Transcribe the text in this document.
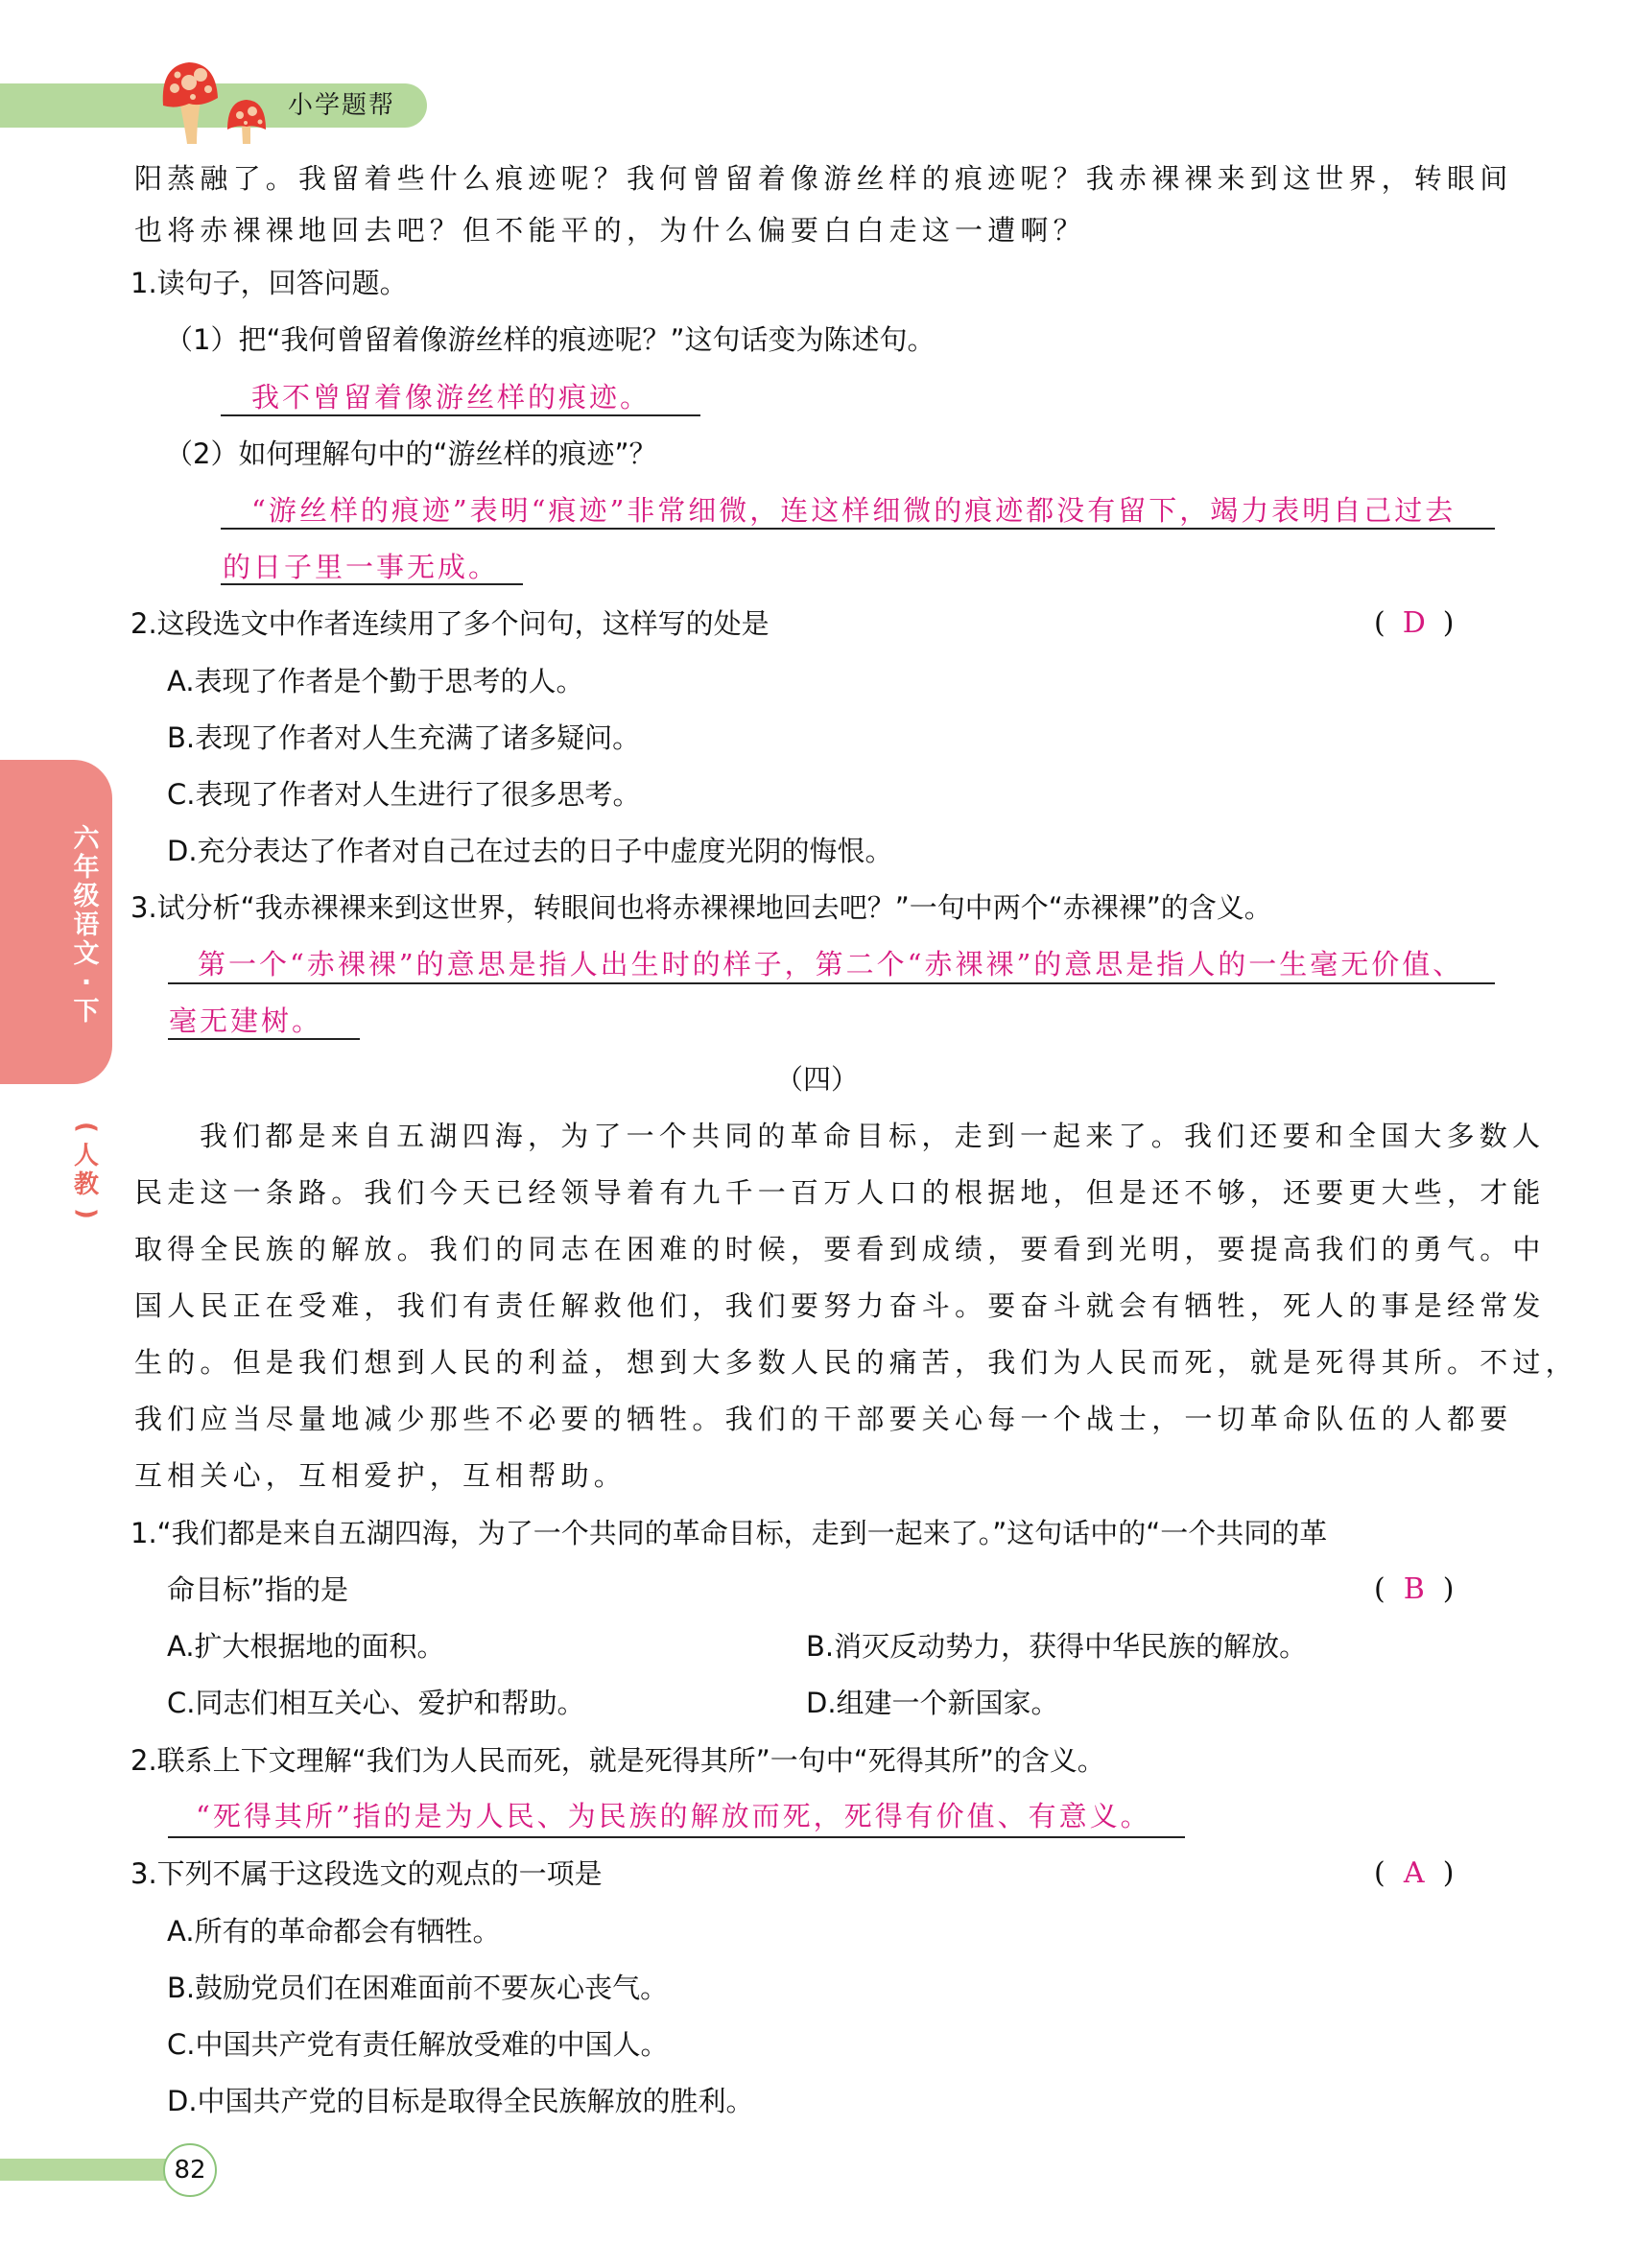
小学题帮
六
年
级
语
文
·
下
(
人
教
)
阳蒸融了。我留着些什么痕迹呢？我何曾留着像游丝样的痕迹呢？我赤裸裸来到这世界，转眼间
也将赤裸裸地回去吧？但不能平的，为什么偏要白白走这一遭啊？
1.读句子，回答问题。
（1）把“我何曾留着像游丝样的痕迹呢？”这句话变为陈述句。
我不曾留着像游丝样的痕迹。
（2）如何理解句中的“游丝样的痕迹”？
“游丝样的痕迹”表明“痕迹”非常细微，连这样细微的痕迹都没有留下，竭力表明自己过去
的日子里一事无成。
2.这段选文中作者连续用了多个问句，这样写的处是	( D )
A.表现了作者是个勤于思考的人。
B.表现了作者对人生充满了诸多疑问。
C.表现了作者对人生进行了很多思考。
D.充分表达了作者对自己在过去的日子中虚度光阴的悔恨。
3.试分析“我赤裸裸来到这世界，转眼间也将赤裸裸地回去吧？”一句中两个“赤裸裸”的含义。
第一个“赤裸裸”的意思是指人出生时的样子，第二个“赤裸裸”的意思是指人的一生毫无价值、
毫无建树。
（四）
我们都是来自五湖四海，为了一个共同的革命目标，走到一起来了。我们还要和全国大多数人
民走这一条路。我们今天已经领导着有九千一百万人口的根据地，但是还不够，还要更大些，才能
取得全民族的解放。我们的同志在困难的时候，要看到成绩，要看到光明，要提高我们的勇气。中
国人民正在受难，我们有责任解救他们，我们要努力奋斗。要奋斗就会有牺牲，死人的事是经常发
生的。但是我们想到人民的利益，想到大多数人民的痛苦，我们为人民而死，就是死得其所。不过，
我们应当尽量地减少那些不必要的牺牲。我们的干部要关心每一个战士，一切革命队伍的人都要
互相关心，互相爱护，互相帮助。
1.“我们都是来自五湖四海，为了一个共同的革命目标，走到一起来了。”这句话中的“一个共同的革
命目标”指的是	( B )
A.扩大根据地的面积。	B.消灭反动势力，获得中华民族的解放。
C.同志们相互关心、爱护和帮助。	D.组建一个新国家。
2.联系上下文理解“我们为人民而死，就是死得其所”一句中“死得其所”的含义。
“死得其所”指的是为人民、为民族的解放而死，死得有价值、有意义。
3.下列不属于这段选文的观点的一项是	( A )
A.所有的革命都会有牺牲。
B.鼓励党员们在困难面前不要灰心丧气。
C.中国共产党有责任解放受难的中国人。
D.中国共产党的目标是取得全民族解放的胜利。
82
